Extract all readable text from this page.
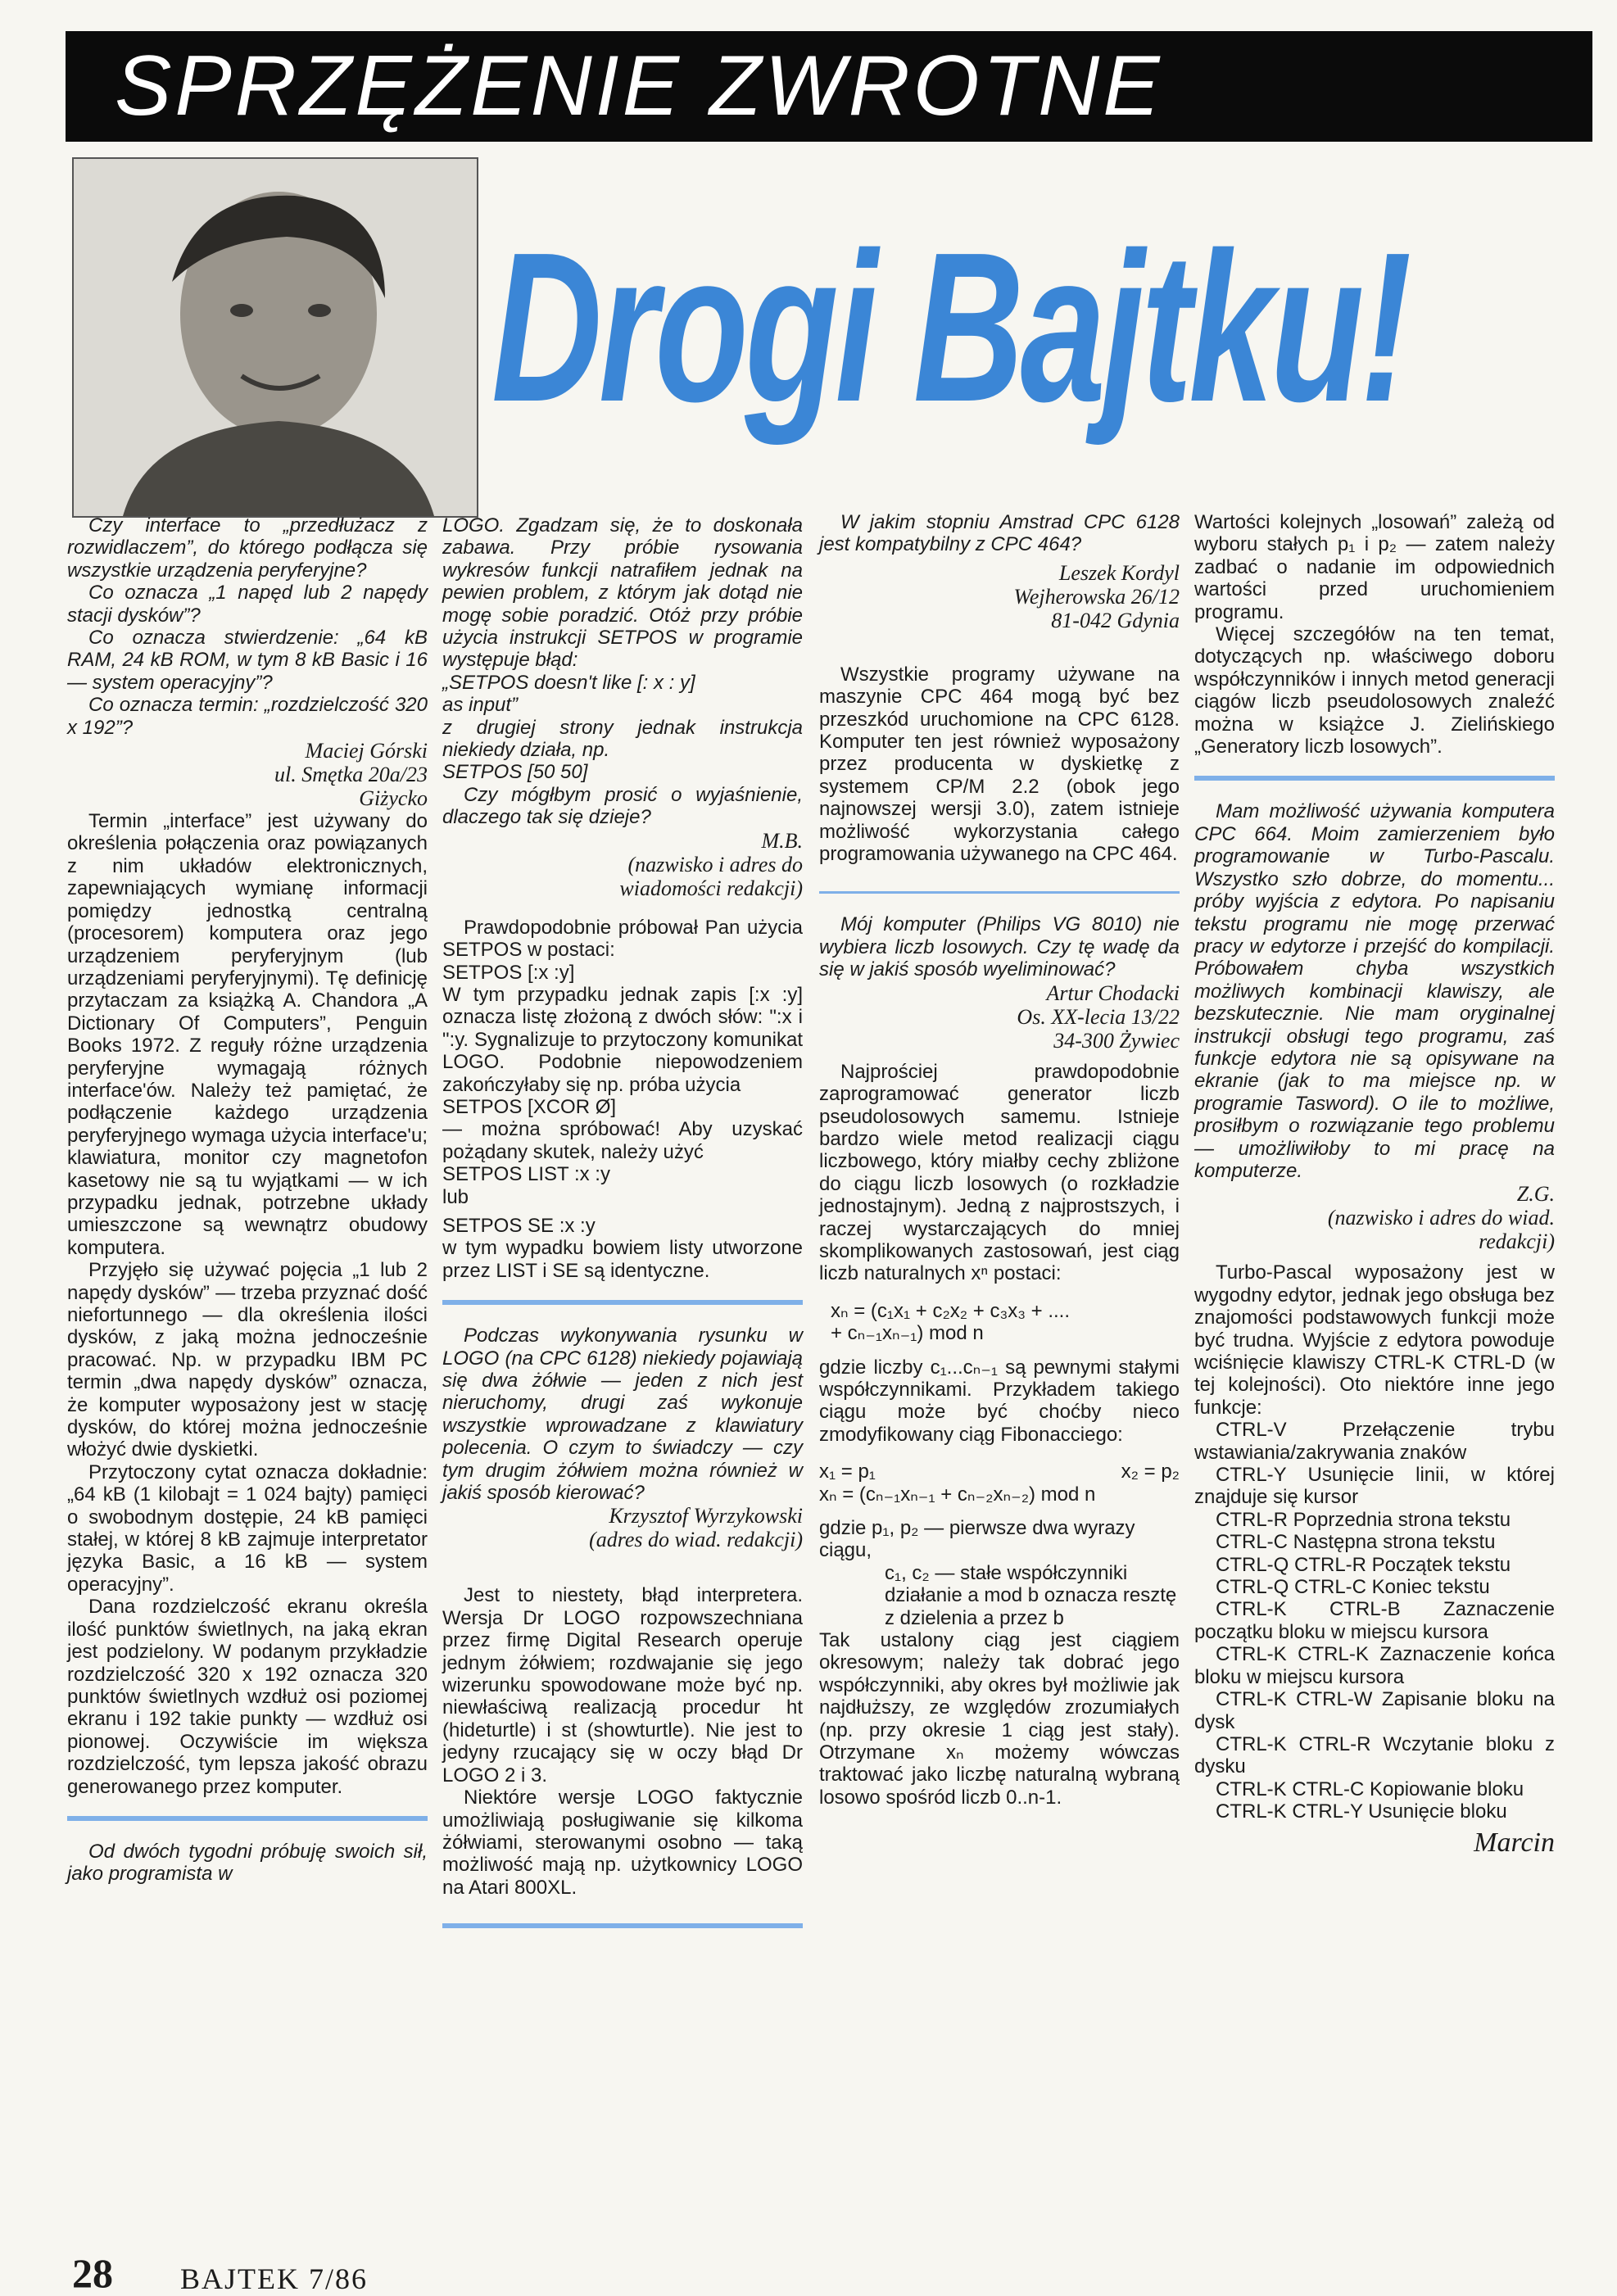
SPRZĘŻENIE ZWROTNE
Drogi Bajtku!

Czy interface to „przedłużacz z rozwidlaczem”, do którego podłącza się wszystkie urządzenia peryferyjne?

Co oznacza „1 napęd lub 2 napędy stacji dysków”?

Co oznacza stwierdzenie: „64 kB RAM, 24 kB ROM, w tym 8 kB Basic i 16 — system operacyjny”?

Co oznacza termin: „rozdzielczość 320 x 192”?

Maciej Górski
ul. Smętka 20a/23
Giżycko

Termin „interface” jest używany do określenia połączenia oraz powiązanych z nim układów elektronicznych, zapewniających wymianę informacji pomiędzy jednostką centralną (procesorem) komputera oraz jego urządzeniem peryferyjnym (lub urządzeniami peryferyjnymi). Tę definicję przytaczam za książką A. Chandora „A Dictionary Of Computers”, Penguin Books 1972. Z reguły różne urządzenia peryferyjne wymagają różnych interface'ów. Należy też pamiętać, że podłączenie każdego urządzenia peryferyjnego wymaga użycia interface'u; klawiatura, monitor czy magnetofon kasetowy nie są tu wyjątkami — w ich przypadku jednak, potrzebne układy umieszczone są wewnątrz obudowy komputera.

Przyjęło się używać pojęcia „1 lub 2 napędy dysków” — trzeba przyznać dość niefortunnego — dla określenia ilości dysków, z jaką można jednocześnie pracować. Np. w przypadku IBM PC termin „dwa napędy dysków” oznacza, że komputer wyposażony jest w stację dysków, do której można jednocześnie włożyć dwie dyskietki.

Przytoczony cytat oznacza dokładnie: „64 kB (1 kilobajt = 1 024 bajty) pamięci o swobodnym dostępie, 24 kB pamięci stałej, w której 8 kB zajmuje interpretator języka Basic, a 16 kB — system operacyjny”.

Dana rozdzielczość ekranu określa ilość punktów świetlnych, na jaką ekran jest podzielony. W podanym przykładzie rozdzielczość 320 x 192 oznacza 320 punktów świetlnych wzdłuż osi poziomej ekranu i 192 takie punkty — wzdłuż osi pionowej. Oczywiście im większa rozdzielczość, tym lepsza jakość obrazu generowanego przez komputer.

Od dwóch tygodni próbuję swoich sił, jako programista w

LOGO. Zgadzam się, że to doskonała zabawa. Przy próbie rysowania wykresów funkcji natrafiłem jednak na pewien problem, z którym jak dotąd nie mogę sobie poradzić. Otóż przy próbie użycia instrukcji SETPOS w programie występuje błąd:

„SETPOS doesn't like [: x : y]

as input”

z drugiej strony jednak instrukcja niekiedy działa, np.

SETPOS [50 50]

Czy mógłbym prosić o wyjaśnienie, dlaczego tak się dzieje?

M.B.
(nazwisko i adres do
wiadomości redakcji)

Prawdopodobnie próbował Pan użycia SETPOS w postaci:

SETPOS [:x :y]

W tym przypadku jednak zapis [:x :y] oznacza listę złożoną z dwóch słów: ":x i ":y. Sygnalizuje to przytoczony komunikat LOGO. Podobnie niepowodzeniem zakończyłaby się np. próba użycia

SETPOS [XCOR Ø]

— można spróbować! Aby uzyskać pożądany skutek, należy użyć

SETPOS LIST :x :y

lub

SETPOS SE :x :y

w tym wypadku bowiem listy utworzone przez LIST i SE są identyczne.

Podczas wykonywania rysunku w LOGO (na CPC 6128) niekiedy pojawiają się dwa żółwie — jeden z nich jest nieruchomy, drugi zaś wykonuje wszystkie wprowadzane z klawiatury polecenia. O czym to świadczy — czy tym drugim żółwiem można również w jakiś sposób kierować?

Krzysztof Wyrzykowski
(adres do wiad. redakcji)

Jest to niestety, błąd interpretera. Wersja Dr LOGO rozpowszechniana przez firmę Digital Research operuje jednym żółwiem; rozdwajanie się jego wizerunku spowodowane może być np. niewłaściwą realizacją procedur ht (hideturtle) i st (showturtle). Nie jest to jedyny rzucający się w oczy błąd Dr LOGO 2 i 3.

Niektóre wersje LOGO faktycznie umożliwiają posługiwanie się kilkoma żółwiami, sterowanymi osobno — taką możliwość mają np. użytkownicy LOGO na Atari 800XL.

W jakim stopniu Amstrad CPC 6128 jest kompatybilny z CPC 464?

Leszek Kordyl
Wejherowska 26/12
81-042 Gdynia

Wszystkie programy używane na maszynie CPC 464 mogą być bez przeszkód uruchomione na CPC 6128. Komputer ten jest również wyposażony przez producenta w dyskietkę z systemem CP/M 2.2 (obok jego najnowszej wersji 3.0), zatem istnieje możliwość wykorzystania całego programowania używanego na CPC 464.

Mój komputer (Philips VG 8010) nie wybiera liczb losowych. Czy tę wadę da się w jakiś sposób wyeliminować?

Artur Chodacki
Os. XX-lecia 13/22
34-300 Żywiec

Najprościej prawdopodobnie zaprogramować generator liczb pseudolosowych samemu. Istnieje bardzo wiele metod realizacji ciągu liczbowego, który miałby cechy zbliżone do ciągu liczb losowych (o rozkładzie jednostajnym). Jedną z najprostszych, i raczej wystarczających do mniej skomplikowanych zastosowań, jest ciąg liczb naturalnych xⁿ postaci:

xₙ = (c₁x₁ + c₂x₂ + c₃x₃ + ....
+ cₙ₋₁xₙ₋₁) mod n

gdzie liczby c₁...cₙ₋₁ są pewnymi stałymi współczynnikami. Przykładem takiego ciągu może być choćby nieco zmodyfikowany ciąg Fibonacciego:

x₁ = p₁	x₂ = p₂
xₙ = (cₙ₋₁xₙ₋₁ + cₙ₋₂xₙ₋₂) mod n
gdzie p₁, p₂ — pierwsze dwa wyrazy ciągu,
c₁, c₂ — stałe współczynniki
działanie a mod b oznacza resztę z dzielenia a przez b

Tak ustalony ciąg jest ciągiem okresowym; należy tak dobrać jego współczynniki, aby okres był możliwie jak najdłuższy, ze względów zrozumiałych (np. przy okresie 1 ciąg jest stały). Otrzymane xₙ możemy wówczas traktować jako liczbę naturalną wybraną losowo spośród liczb 0..n-1.

Wartości kolejnych „losowań” zależą od wyboru stałych p₁ i p₂ — zatem należy zadbać o nadanie im odpowiednich wartości przed uruchomieniem programu.

Więcej szczegółów na ten temat, dotyczących np. właściwego doboru współczynników i innych metod generacji ciągów liczb pseudolosowych znaleźć można w książce J. Zielińskiego „Generatory liczb losowych”.

Mam możliwość używania komputera CPC 664. Moim zamierzeniem było programowanie w Turbo-Pascalu. Wszystko szło dobrze, do momentu... próby wyjścia z edytora. Po napisaniu tekstu programu nie mogę przerwać pracy w edytorze i przejść do kompilacji. Próbowałem chyba wszystkich możliwych kombinacji klawiszy, ale bezskutecznie. Nie mam oryginalnej instrukcji obsługi tego programu, zaś funkcje edytora nie są opisywane na ekranie (jak to ma miejsce np. w programie Tasword). O ile to możliwe, prosiłbym o rozwiązanie tego problemu — umożliwiłoby to mi pracę na komputerze.

Z.G.
(nazwisko i adres do wiad.
redakcji)

Turbo-Pascal wyposażony jest w wygodny edytor, jednak jego obsługa bez znajomości podstawowych funkcji może być trudna. Wyjście z edytora powoduje wciśnięcie klawiszy CTRL-K CTRL-D (w tej kolejności). Oto niektóre inne jego funkcje:

CTRL-V Przełączenie trybu wstawiania/zakrywania znaków

CTRL-Y Usunięcie linii, w której znajduje się kursor

CTRL-R Poprzednia strona tekstu

CTRL-C Następna strona tekstu

CTRL-Q CTRL-R Początek tekstu

CTRL-Q CTRL-C Koniec tekstu

CTRL-K CTRL-B Zaznaczenie początku bloku w miejscu kursora

CTRL-K CTRL-K Zaznaczenie końca bloku w miejscu kursora

CTRL-K CTRL-W Zapisanie bloku na dysk

CTRL-K CTRL-R Wczytanie bloku z dysku

CTRL-K CTRL-C Kopiowanie bloku

CTRL-K CTRL-Y Usunięcie bloku

Marcin
28 BAJTEK 7/86
